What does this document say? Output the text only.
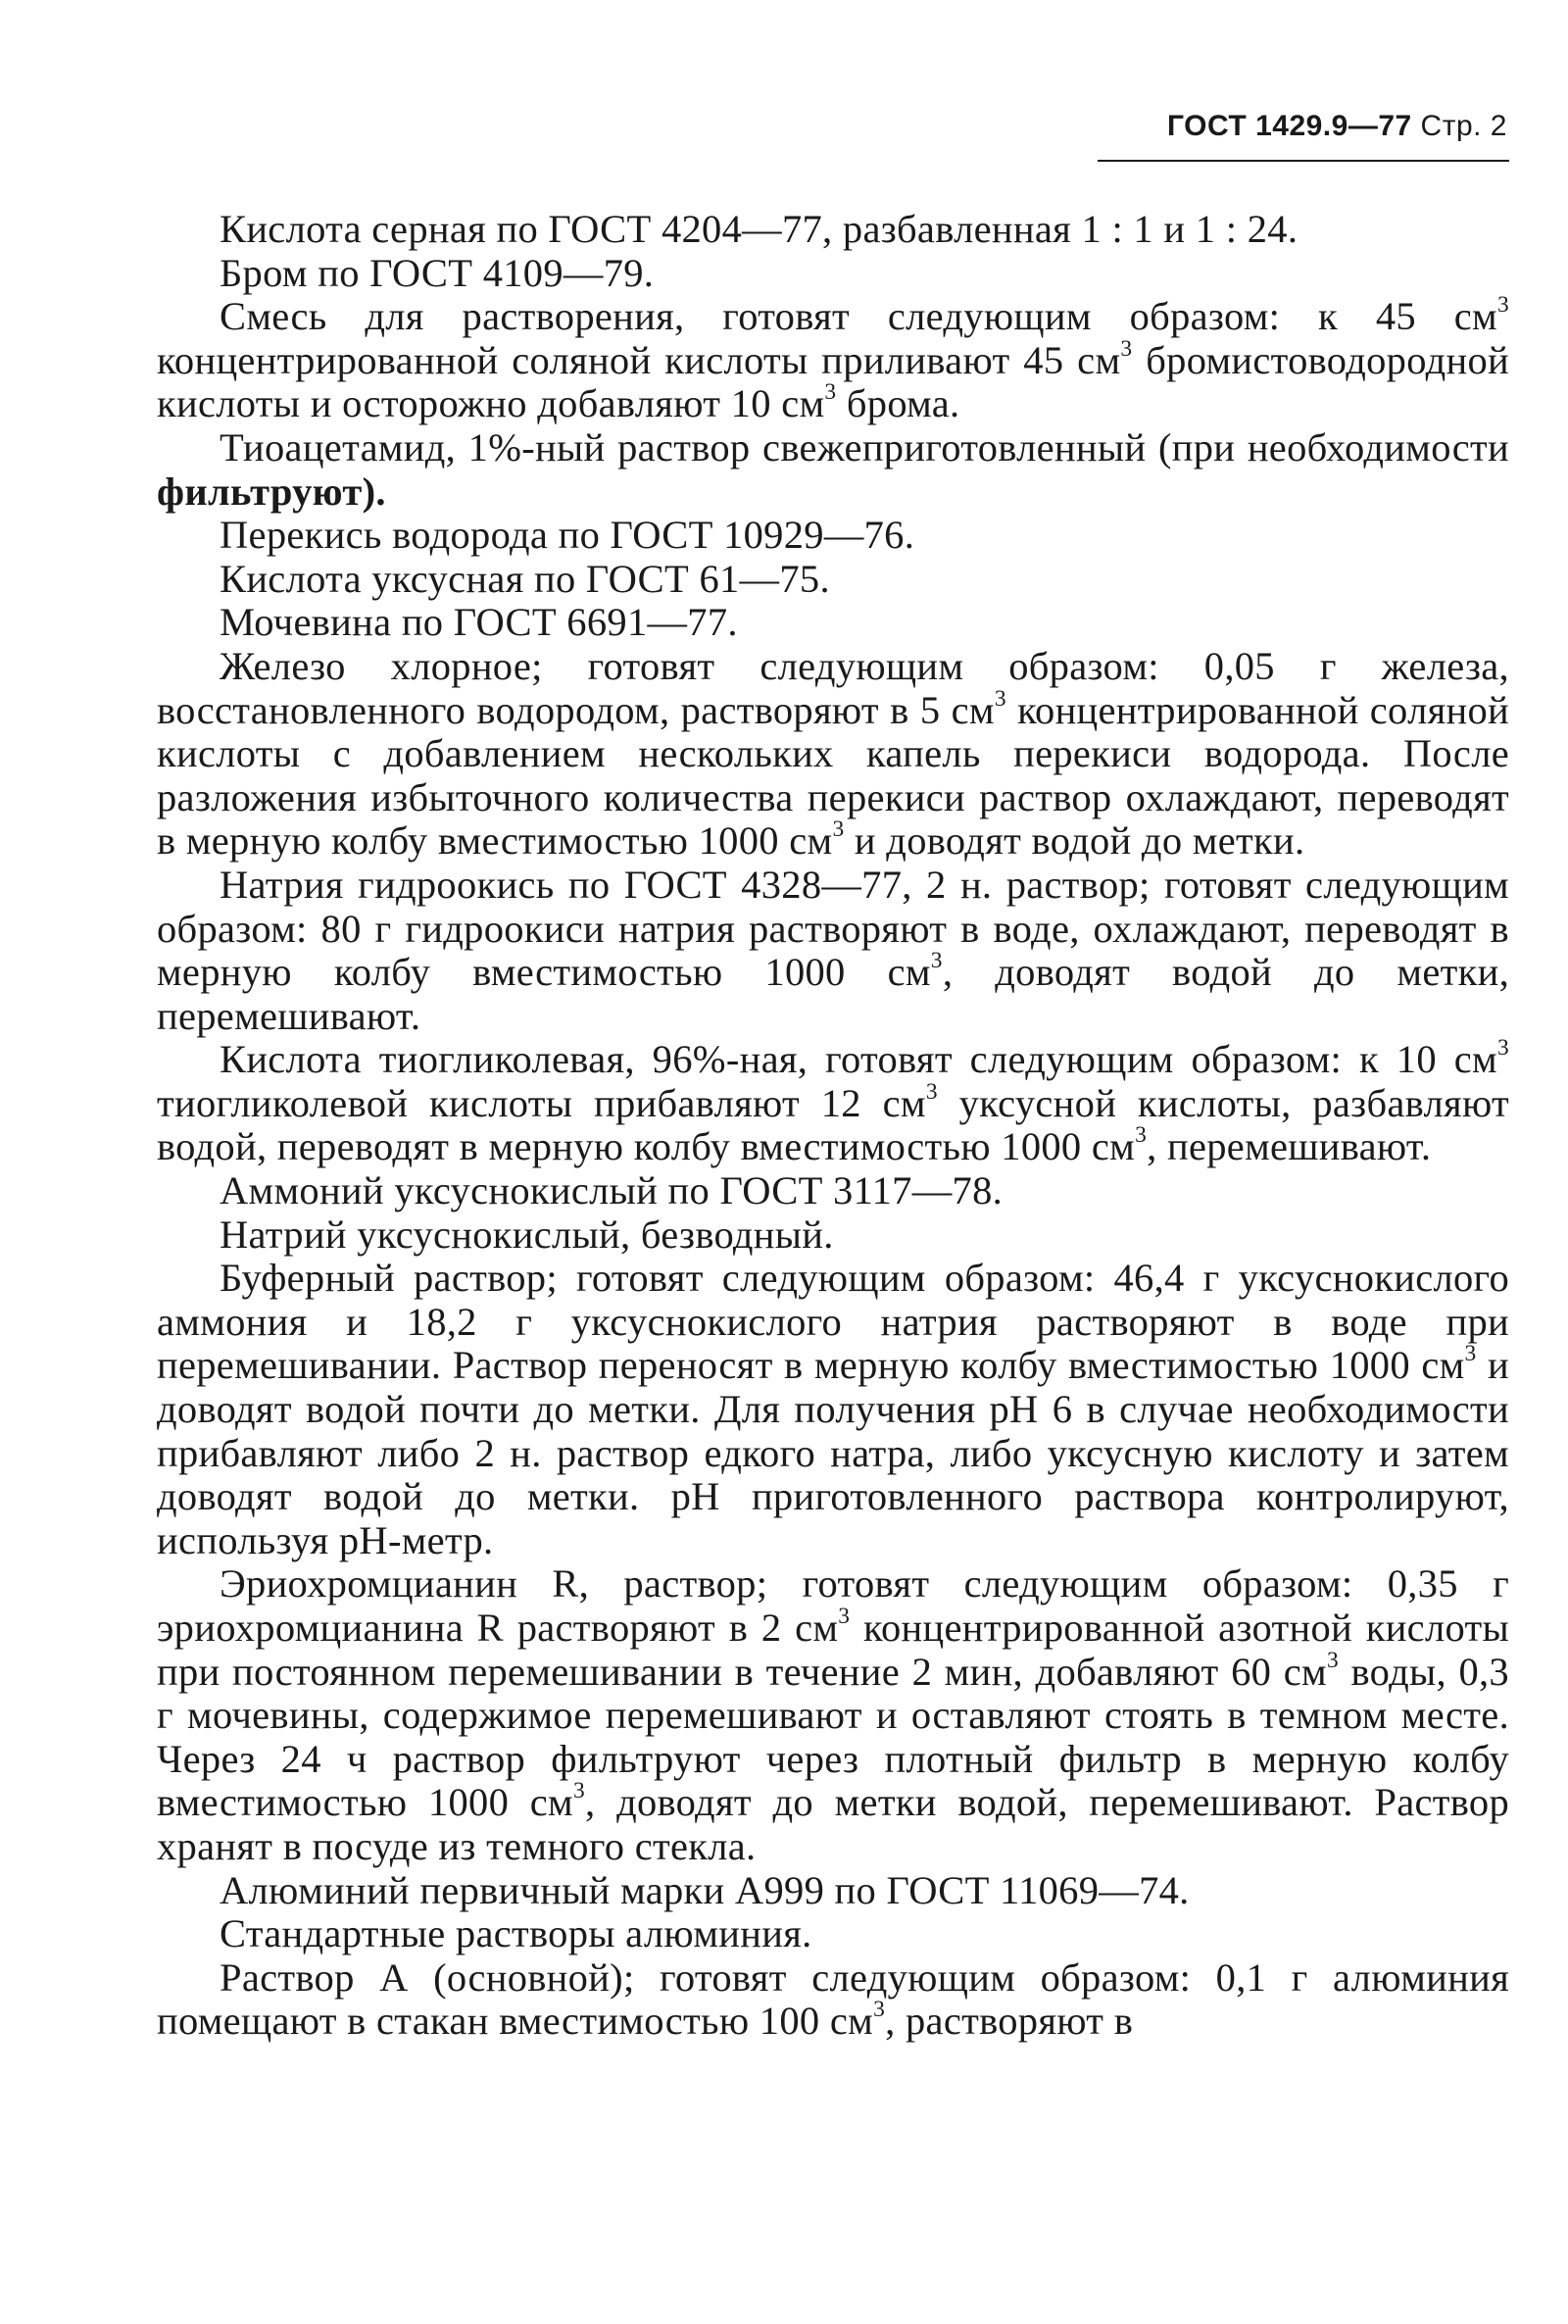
ГОСТ 1429.9—77 Стр. 2

Кислота серная по ГОСТ 4204—77, разбавленная 1 : 1 и 1 : 24.

Бром по ГОСТ 4109—79.

Смесь для растворения, готовят следующим образом: к 45 $см^3$ концентрированной соляной кислоты приливают 45 $см^3$ бромистоводородной кислоты и осторожно добавляют 10 $см^3$ брома.

Тиоацетамид, 1%-ный раствор свежеприготовленный (при необходимости фильтруют).

Перекись водорода по ГОСТ 10929—76.

Кислота уксусная по ГОСТ 61—75.

Мочевина по ГОСТ 6691—77.

Железо хлорное; готовят следующим образом: 0,05 г железа, восстановленного водородом, растворяют в 5 $см^3$ концентрированной соляной кислоты с добавлением нескольких капель перекиси водорода. После разложения избыточного количества перекиси раствор охлаждают, переводят в мерную колбу вместимостью 1000 $см^3$ и доводят водой до метки.

Натрия гидроокись по ГОСТ 4328—77, 2 н. раствор; готовят следующим образом: 80 г гидроокиси натрия растворяют в воде, охлаждают, переводят в мерную колбу вместимостью 1000 $см^3$, доводят водой до метки, перемешивают.

Кислота тиогликолевая, 96%-ная, готовят следующим образом: к 10 $см^3$ тиогликолевой кислоты прибавляют 12 $см^3$ уксусной кислоты, разбавляют водой, переводят в мерную колбу вместимостью 1000 $см^3$, перемешивают.

Аммоний уксуснокислый по ГОСТ 3117—78.

Натрий уксуснокислый, безводный.

Буферный раствор; готовят следующим образом: 46,4 г уксуснокислого аммония и 18,2 г уксуснокислого натрия растворяют в воде при перемешивании. Раствор переносят в мерную колбу вместимостью 1000 $см^3$ и доводят водой почти до метки. Для получения pH 6 в случае необходимости прибавляют либо 2 н. раствор едкого натра, либо уксусную кислоту и затем доводят водой до метки. pH приготовленного раствора контролируют, используя pH-метр.

Эриохромцианин R, раствор; готовят следующим образом: 0,35 г эриохромцианина R растворяют в 2 $см^3$ концентрированной азотной кислоты при постоянном перемешивании в течение 2 мин, добавляют 60 $см^3$ воды, 0,3 г мочевины, содержимое перемешивают и оставляют стоять в темном месте. Через 24 ч раствор фильтруют через плотный фильтр в мерную колбу вместимостью 1000 $см^3$, доводят до метки водой, перемешивают. Раствор хранят в посуде из темного стекла.

Алюминий первичный марки А999 по ГОСТ 11069—74.

Стандартные растворы алюминия.

Раствор А (основной); готовят следующим образом: 0,1 г алюминия помещают в стакан вместимостью 100 $см^3$, растворяют в
